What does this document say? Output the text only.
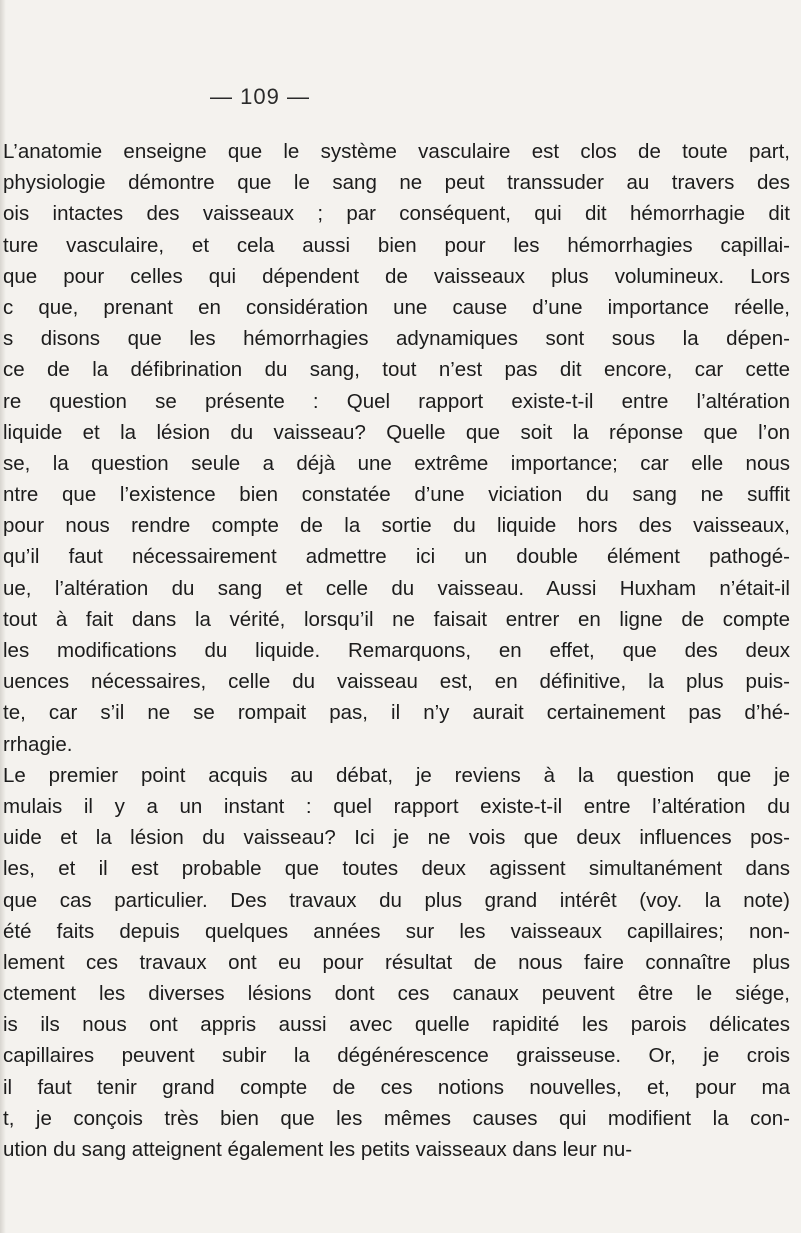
— 109 —
L’anatomie enseigne que le système vasculaire est clos de toute part,
physiologie démontre que le sang ne peut transsuder au travers des
ois intactes des vaisseaux ; par conséquent, qui dit hémorrhagie dit
ture vasculaire, et cela aussi bien pour les hémorrhagies capillai-
que pour celles qui dépendent de vaisseaux plus volumineux. Lors
c que, prenant en considération une cause d’une importance réelle,
s disons que les hémorrhagies adynamiques sont sous la dépen-
ce de la défibrination du sang, tout n’est pas dit encore, car cette
re question se présente : Quel rapport existe-t-il entre l’altération
liquide et la lésion du vaisseau? Quelle que soit la réponse que l’on
se, la question seule a déjà une extrême importance; car elle nous
ntre que l’existence bien constatée d’une viciation du sang ne suffit
pour nous rendre compte de la sortie du liquide hors des vaisseaux,
qu’il faut nécessairement admettre ici un double élément pathogé-
ue, l’altération du sang et celle du vaisseau. Aussi Huxham n’était-il
tout à fait dans la vérité, lorsqu’il ne faisait entrer en ligne de compte
les modifications du liquide. Remarquons, en effet, que des deux
uences nécessaires, celle du vaisseau est, en définitive, la plus puis-
te, car s’il ne se rompait pas, il n’y aurait certainement pas d’hé-
rrhagie.
Le premier point acquis au débat, je reviens à la question que je
mulais il y a un instant : quel rapport existe-t-il entre l’altération du
uide et la lésion du vaisseau? Ici je ne vois que deux influences pos-
les, et il est probable que toutes deux agissent simultanément dans
que cas particulier. Des travaux du plus grand intérêt (voy. la note)
été faits depuis quelques années sur les vaisseaux capillaires; non-
lement ces travaux ont eu pour résultat de nous faire connaître plus
ctement les diverses lésions dont ces canaux peuvent être le siége,
is ils nous ont appris aussi avec quelle rapidité les parois délicates
capillaires peuvent subir la dégénérescence graisseuse. Or, je crois
il faut tenir grand compte de ces notions nouvelles, et, pour ma
t, je conçois très bien que les mêmes causes qui modifient la con-
ution du sang atteignent également les petits vaisseaux dans leur nu-
